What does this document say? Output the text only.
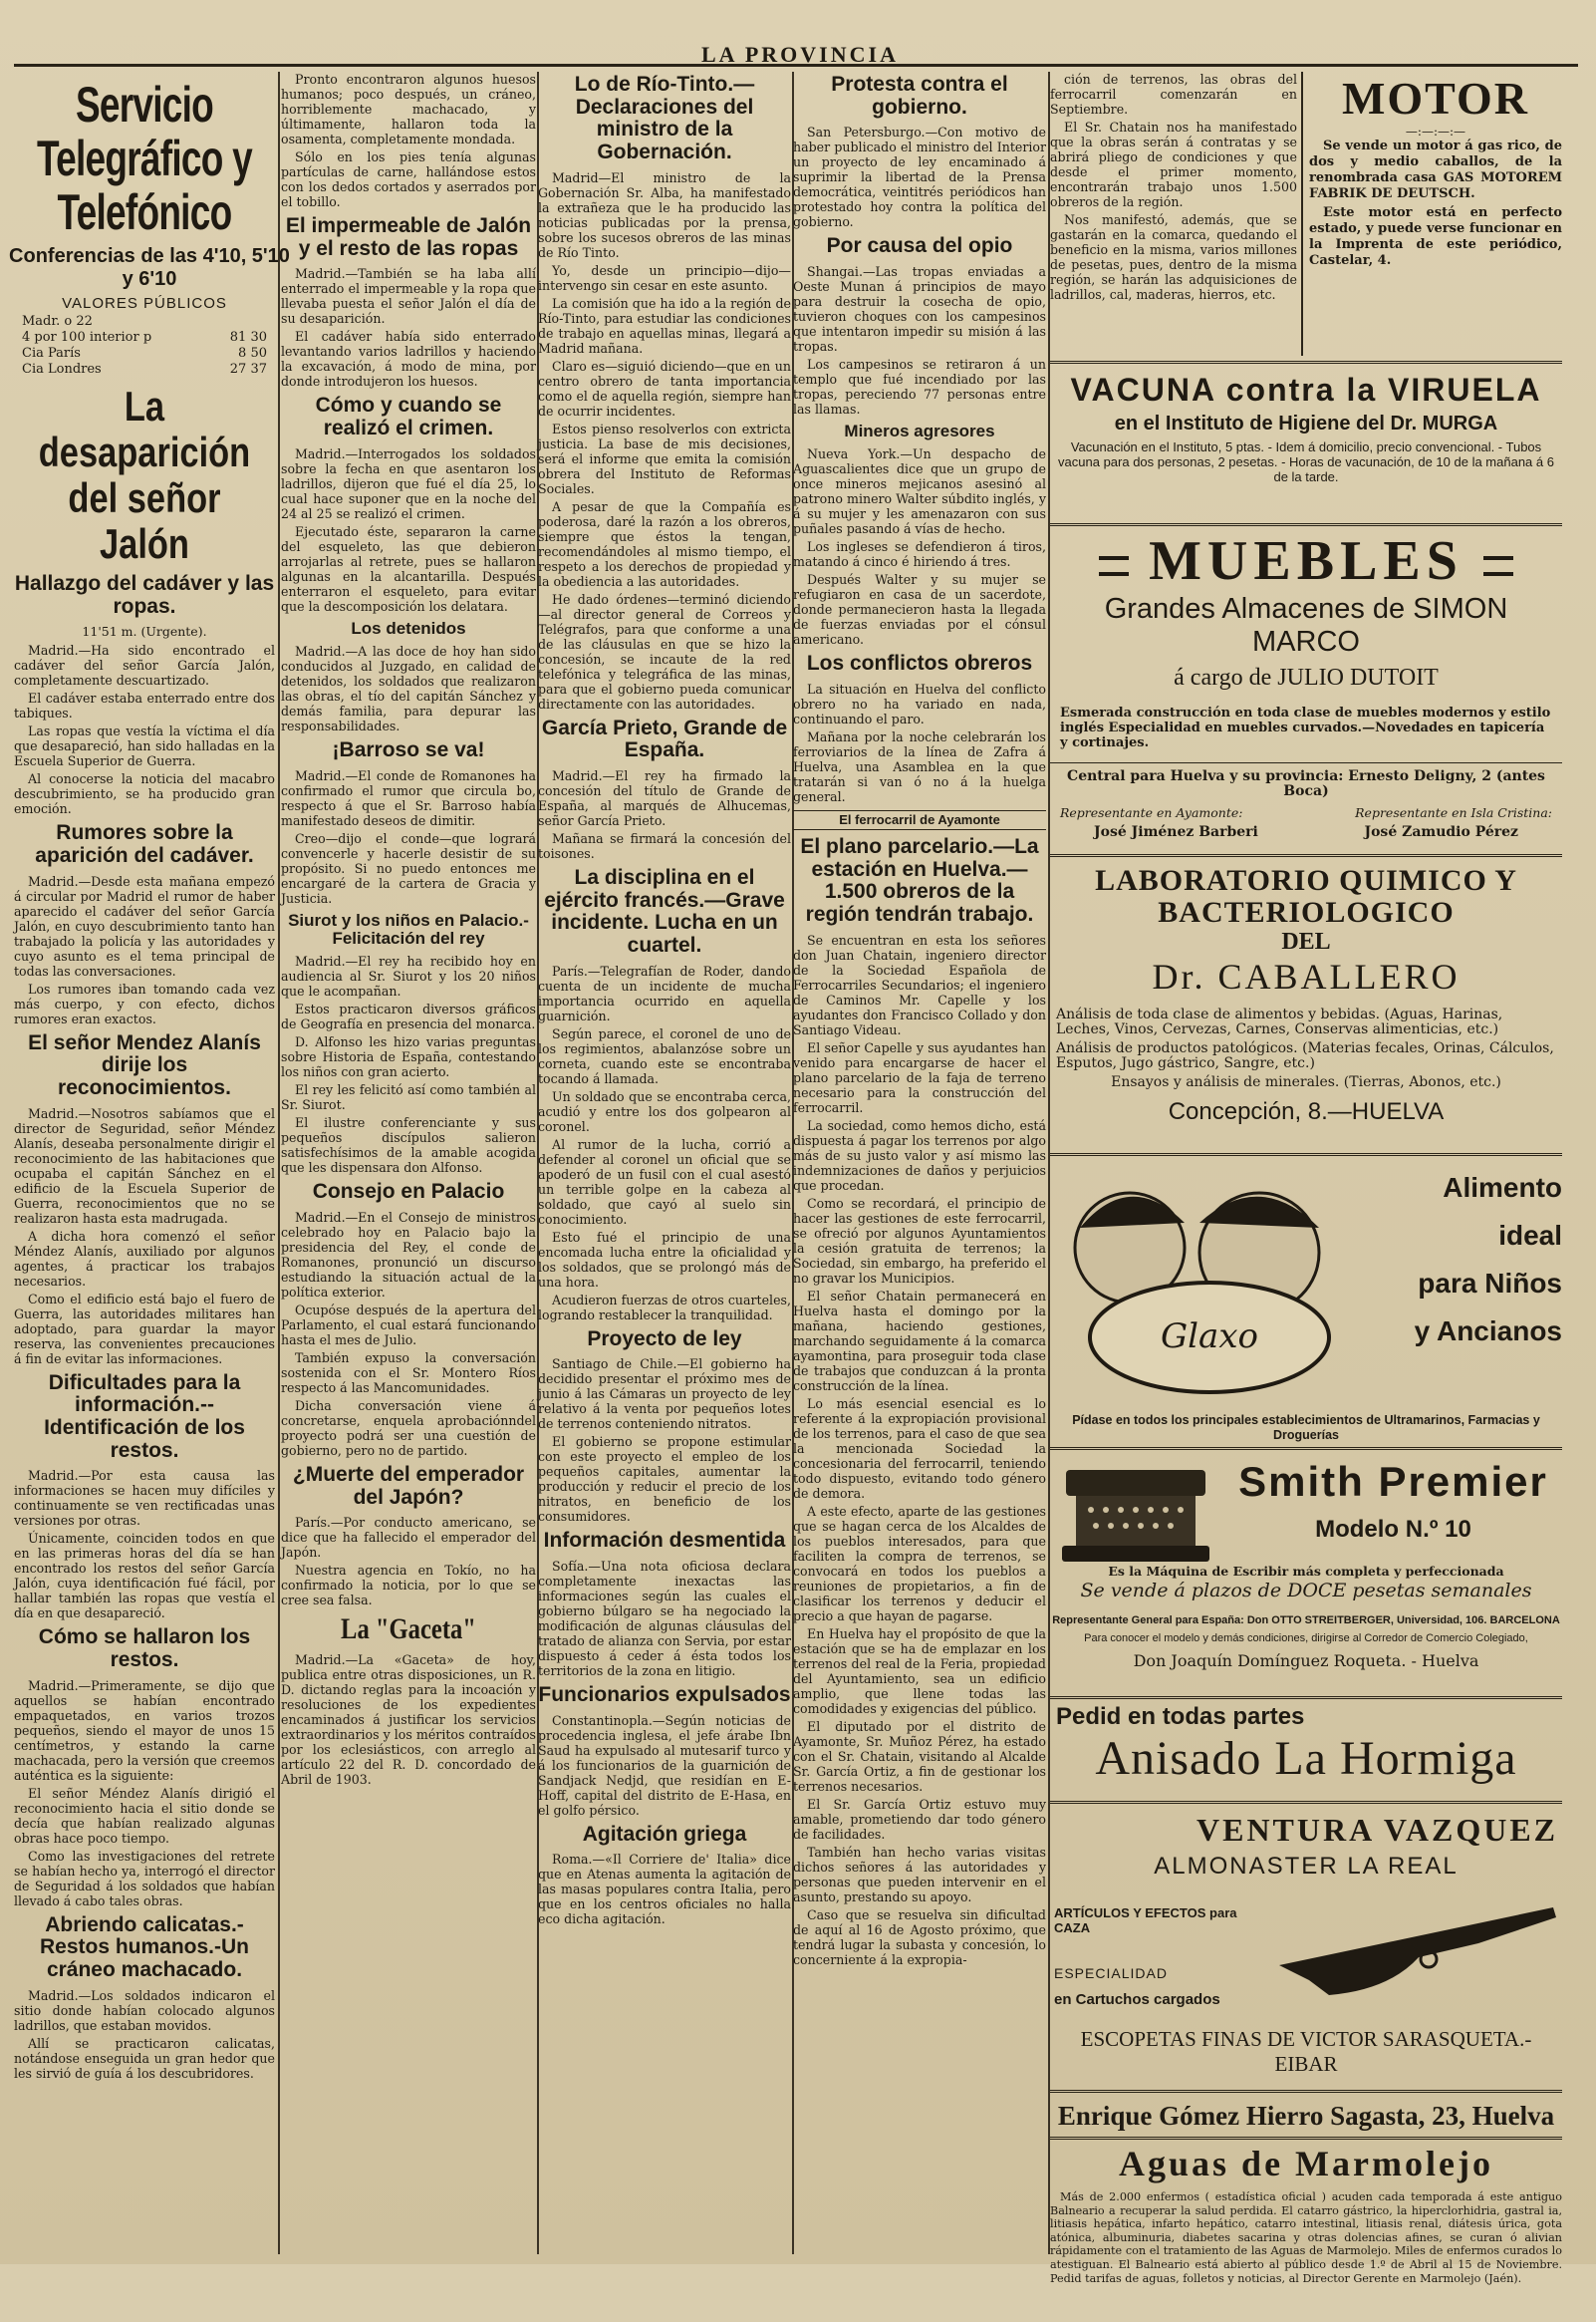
LA PROVINCIA
Servicio Telegráfico y Telefónico
Conferencias de las 4'10, 5'10 y 6'10
VALORES PÚBLICOS
Madr. o 22
4 por 100 interior p	81 30
Cia París	8 50
Cia Londres	27 37
La desaparición del señor Jalón
Hallazgo del cadáver y las ropas.
11'51 m. (Urgente).

Madrid.—Ha sido encontrado el cadáver del señor García Jalón, completamente descuartizado.

El cadáver estaba enterrado entre dos tabiques.

Las ropas que vestía la víctima el día que desapareció, han sido halladas en la Escuela Superior de Guerra.

Al conocerse la noticia del macabro descubrimiento, se ha producido gran emoción.

Rumores sobre la aparición del cadáver.

Madrid.—Desde esta mañana empezó á circular por Madrid el rumor de haber aparecido el cadáver del señor García Jalón, en cuyo descubrimiento tanto han trabajado la policía y las autoridades y cuyo asunto es el tema principal de todas las conversaciones.

Los rumores iban tomando cada vez más cuerpo, y con efecto, dichos rumores eran exactos.

El señor Mendez Alanís dirije los reconocimientos.

Madrid.—Nosotros sabíamos que el director de Seguridad, señor Méndez Alanís, deseaba personalmente dirigir el reconocimiento de las habitaciones que ocupaba el capitán Sánchez en el edificio de la Escuela Superior de Guerra, reconocimientos que no se realizaron hasta esta madrugada.

A dicha hora comenzó el señor Méndez Alanís, auxiliado por algunos agentes, á practicar los trabajos necesarios.

Como el edificio está bajo el fuero de Guerra, las autoridades militares han adoptado, para guardar la mayor reserva, las convenientes precauciones á fin de evitar las informaciones.

Dificultades para la información.--Identificación de los restos.

Madrid.—Por esta causa las informaciones se hacen muy difíciles y continuamente se ven rectificadas unas versiones por otras.

Únicamente, coinciden todos en que en las primeras horas del día se han encontrado los restos del señor García Jalón, cuya identificación fué fácil, por hallar también las ropas que vestía el día en que desapareció.

Cómo se hallaron los restos.

Madrid.—Primeramente, se dijo que aquellos se habían encontrado empaquetados, en varios trozos pequeños, siendo el mayor de unos 15 centímetros, y estando la carne machacada, pero la versión que creemos auténtica es la siguiente:

El señor Méndez Alanís dirigió el reconocimiento hacia el sitio donde se decía que habían realizado algunas obras hace poco tiempo.

Como las investigaciones del retrete se habían hecho ya, interrogó el director de Seguridad á los soldados que habían llevado á cabo tales obras.

Abriendo calicatas.-Restos humanos.-Un cráneo machacado.

Madrid.—Los soldados indicaron el sitio donde habían colocado algunos ladrillos, que estaban movidos.

Allí se practicaron calicatas, notándose enseguida un gran hedor que les sirvió de guía á los descubridores.

Pronto encontraron algunos huesos humanos; poco después, un cráneo, horriblemente machacado, y últimamente, hallaron toda la osamenta, completamente mondada.

Sólo en los pies tenía algunas partículas de carne, hallándose estos con los dedos cortados y aserrados por el tobillo.

El impermeable de Jalón y el resto de las ropas

Madrid.—También se ha laba allí enterrado el impermeable y la ropa que llevaba puesta el señor Jalón el día de su desaparición.

El cadáver había sido enterrado levantando varios ladrillos y haciendo la excavación, á modo de mina, por donde introdujeron los huesos.

Cómo y cuando se realizó el crimen.

Madrid.—Interrogados los soldados sobre la fecha en que asentaron los ladrillos, dijeron que fué el día 25, lo cual hace suponer que en la noche del 24 al 25 se realizó el crimen.

Ejecutado éste, separaron la carne del esqueleto, las que debieron arrojarlas al retrete, pues se hallaron algunas en la alcantarilla. Después enterraron el esqueleto, para evitar que la descomposición los delatara.

Los detenidos

Madrid.—A las doce de hoy han sido conducidos al Juzgado, en calidad de detenidos, los soldados que realizaron las obras, el tío del capitán Sánchez y demás familia, para depurar las responsabilidades.

¡Barroso se va!

Madrid.—El conde de Romanones ha confirmado el rumor que circula bo, respecto á que el Sr. Barroso había manifestado deseos de dimitir.

Creo—dijo el conde—que logrará convencerle y hacerle desistir de su propósito. Si no puedo entonces me encargaré de la cartera de Gracia y Justicia.

Siurot y los niños en Palacio.- Felicitación del rey

Madrid.—El rey ha recibido hoy en audiencia al Sr. Siurot y los 20 niños que le acompañan.

Estos practicaron diversos gráficos de Geografía en presencia del monarca.

D. Alfonso les hizo varias preguntas sobre Historia de España, contestando los niños con gran acierto.

El rey les felicitó así como también al Sr. Siurot.

El ilustre conferenciante y sus pequeños discípulos salieron satisfechísimos de la amable acogida que les dispensara don Alfonso.

Consejo en Palacio

Madrid.—En el Consejo de ministros celebrado hoy en Palacio bajo la presidencia del Rey, el conde de Romanones, pronunció un discurso estudiando la situación actual de la política exterior.

Ocupóse después de la apertura del Parlamento, el cual estará funcionando hasta el mes de Julio.

También expuso la conversación sostenida con el Sr. Montero Ríos respecto á las Mancomunidades.

Dicha conversación viene á concretarse, enquela aprobaciónndel proyecto podrá ser una cuestión de gobierno, pero no de partido.

¿Muerte del emperador del Japón?

París.—Por conducto americano, se dice que ha fallecido el emperador del Japón.

Nuestra agencia en Tokío, no ha confirmado la noticia, por lo que se cree sea falsa.

La "Gaceta"

Madrid.—La «Gaceta» de hoy, publica entre otras disposiciones, un R. D. dictando reglas para la incoación y resoluciones de los expedientes encaminados á justificar los servicios extraordinarios y los méritos contraídos por los eclesiásticos, con arreglo al artículo 22 del R. D. concordado de Abril de 1903.

Lo de Río-Tinto.—Declaraciones del ministro de la Gobernación.

Madrid—El ministro de la Gobernación Sr. Alba, ha manifestado la extrañeza que le ha producido las noticias publicadas por la prensa, sobre los sucesos obreros de las minas de Río Tinto.

Yo, desde un principio—dijo—intervengo sin cesar en este asunto.

La comisión que ha ido a la región de Río-Tinto, para estudiar las condiciones de trabajo en aquellas minas, llegará a Madrid mañana.

Claro es—siguió diciendo—que en un centro obrero de tanta importancia como el de aquella región, siempre han de ocurrir incidentes.

Estos pienso resolverlos con extricta justicia. La base de mis decisiones, será el informe que emita la comisión obrera del Instituto de Reformas Sociales.

A pesar de que la Compañía es poderosa, daré la razón a los obreros, siempre que éstos la tengan, recomendándoles al mismo tiempo, el respeto a los derechos de propiedad y la obediencia a las autoridades.

He dado órdenes—terminó diciendo—al director general de Correos y Telégrafos, para que conforme a una de las cláusulas en que se hizo la concesión, se incaute de la red telefónica y telegráfica de las minas, para que el gobierno pueda comunicar directamente con las autoridades.

García Prieto, Grande de España.

Madrid.—El rey ha firmado la concesión del título de Grande de España, al marqués de Alhucemas, señor García Prieto.

Mañana se firmará la concesión del toisones.

La disciplina en el ejército francés.—Grave incidente. Lucha en un cuartel.

París.—Telegrafían de Roder, dando cuenta de un incidente de mucha importancia ocurrido en aquella guarnición.

Según parece, el coronel de uno de los regimientos, abalanzóse sobre un corneta, cuando este se encontraba tocando á llamada.

Un soldado que se encontraba cerca, acudió y entre los dos golpearon al coronel.

Al rumor de la lucha, corrió a defender al coronel un oficial que se apoderó de un fusil con el cual asestó un terrible golpe en la cabeza al soldado, que cayó al suelo sin conocimiento.

Esto fué el principio de una encomada lucha entre la oficialidad y los soldados, que se prolongó más de una hora.

Acudieron fuerzas de otros cuarteles, logrando restablecer la tranquilidad.

Proyecto de ley

Santiago de Chile.—El gobierno ha decidido presentar el próximo mes de junio á las Cámaras un proyecto de ley relativo á la venta por pequeños lotes de terrenos conteniendo nitratos.

El gobierno se propone estimular con este proyecto el empleo de los pequeños capitales, aumentar la producción y reducir el precio de los nitratos, en beneficio de los consumidores.

Información desmentida

Sofía.—Una nota oficiosa declara completamente inexactas las informaciones según las cuales el gobierno búlgaro se ha negociado la modificación de algunas cláusulas del tratado de alianza con Servia, por estar dispuesto á ceder á ésta todos los territorios de la zona en litigio.

Funcionarios expulsados

Constantinopla.—Según noticias de procedencia inglesa, el jefe árabe Ibn Saud ha expulsado al mutesarif turco y á los funcionarios de la guarnición de Sandjack Nedjd, que residían en E-Hoff, capital del distrito de E-Hasa, en el golfo pérsico.

Agitación griega

Roma.—«Il Corriere de' Italia» dice que en Atenas aumenta la agitación de las masas populares contra Italia, pero que en los centros oficiales no halla eco dicha agitación.

Protesta contra el gobierno.

San Petersburgo.—Con motivo de haber publicado el ministro del Interior un proyecto de ley encaminado á suprimir la libertad de la Prensa democrática, veintitrés periódicos han protestado hoy contra la política del gobierno.

Por causa del opio

Shangai.—Las tropas enviadas a Oeste Munan á principios de mayo para destruir la cosecha de opio, tuvieron choques con los campesinos que intentaron impedir su misión á las tropas.

Los campesinos se retiraron á un templo que fué incendiado por las tropas, pereciendo 77 personas entre las llamas.

Mineros agresores

Nueva York.—Un despacho de Aguascalientes dice que un grupo de once mineros mejicanos asesinó al patrono minero Walter súbdito inglés, y á su mujer y les amenazaron con sus puñales pasando á vías de hecho.

Los ingleses se defendieron á tiros, matando á cinco é hiriendo á tres.

Después Walter y su mujer se refugiaron en casa de un sacerdote, donde permanecieron hasta la llegada de fuerzas enviadas por el cónsul americano.

Los conflictos obreros

La situación en Huelva del conflicto obrero no ha variado en nada, continuando el paro.

Mañana por la noche celebrarán los ferroviarios de la línea de Zafra á Huelva, una Asamblea en la que tratarán si van ó no á la huelga general.

El ferrocarril de Ayamonte
El plano parcelario.—La estación en Huelva.—1.500 obreros de la región tendrán trabajo.

Se encuentran en esta los señores don Juan Chatain, ingeniero director de la Sociedad Española de Ferrocarriles Secundarios; el ingeniero de Caminos Mr. Capelle y los ayudantes don Francisco Collado y don Santiago Videau.

El señor Capelle y sus ayudantes han venido para encargarse de hacer el plano parcelario de la faja de terreno necesario para la construcción del ferrocarril.

La sociedad, como hemos dicho, está dispuesta á pagar los terrenos por algo más de su justo valor y así mismo las indemnizaciones de daños y perjuicios que procedan.

Como se recordará, el principio de hacer las gestiones de este ferrocarril, se ofreció por algunos Ayuntamientos la cesión gratuita de terrenos; la Sociedad, sin embargo, ha preferido el no gravar los Municipios.

El señor Chatain permanecerá en Huelva hasta el domingo por la mañana, haciendo gestiones, marchando seguidamente á la comarca ayamontina, para proseguir toda clase de trabajos que conduzcan á la pronta construcción de la línea.

Lo más esencial esencial es lo referente á la expropiación provisional de los terrenos, para el caso de que sea la mencionada Sociedad la concesionaria del ferrocarril, teniendo todo dispuesto, evitando todo género de demora.

A este efecto, aparte de las gestiones que se hagan cerca de los Alcaldes de los pueblos interesados, para que faciliten la compra de terrenos, se convocará en todos los pueblos a reuniones de propietarios, a fin de clasificar los terrenos y deducir el precio a que hayan de pagarse.

En Huelva hay el propósito de que la estación que se ha de emplazar en los terrenos del real de la Feria, propiedad del Ayuntamiento, sea un edificio amplio, que llene todas las comodidades y exigencias del público.

El diputado por el distrito de Ayamonte, Sr. Muñoz Pérez, ha estado con el Sr. Chatain, visitando al Alcalde Sr. García Ortiz, a fin de gestionar los terrenos necesarios.

El Sr. García Ortiz estuvo muy amable, prometiendo dar todo género de facilidades.

También han hecho varias visitas dichos señores á las autoridades y personas que pueden intervenir en el asunto, prestando su apoyo.

Caso que se resuelva sin dificultad de aquí al 16 de Agosto próximo, que tendrá lugar la subasta y concesión, lo concerniente á la expropia-

ción de terrenos, las obras del ferrocarril comenzarán en Septiembre.

El Sr. Chatain nos ha manifestado que la obras serán á contratas y se abrirá pliego de condiciones y que desde el primer momento, encontrarán trabajo unos 1.500 obreros de la región.

Nos manifestó, además, que se gastarán en la comarca, quedando el beneficio en la misma, varios millones de pesetas, pues, dentro de la misma región, se harán las adquisiciones de ladrillos, cal, maderas, hierros, etc.

MOTOR
—:—:—:—

Se vende un motor á gas rico, de dos y medio caballos, de la renombrada casa GAS MOTOREM FABRIK DE DEUTSCH.

Este motor está en perfecto estado, y puede verse funcionar en la Imprenta de este periódico, Castelar, 4.

VACUNA contra la VIRUELA
en el Instituto de Higiene del Dr. MURGA
Vacunación en el Instituto, 5 ptas. - Idem á domicilio, precio convencional. - Tubos vacuna para dos personas, 2 pesetas. - Horas de vacunación, de 10 de la mañana á 6 de la tarde.
MUEBLES
Grandes Almacenes de SIMON MARCO
á cargo de JULIO DUTOIT
Esmerada construcción en toda clase de muebles modernos y estilo inglés Especialidad en muebles curvados.—Novedades en tapicería y cortinajes.
Central para Huelva y su provincia: Ernesto Deligny, 2 (antes Boca)
Representante en Ayamonte:	Representante en Isla Cristina:
José Jiménez Barberi	José Zamudio Pérez
LABORATORIO QUIMICO Y BACTERIOLOGICO
DEL
Dr. CABALLERO
Análisis de toda clase de alimentos y bebidas. (Aguas, Harinas, Leches, Vinos, Cervezas, Carnes, Conservas alimenticias, etc.)
Análisis de productos patológicos. (Materias fecales, Orinas, Cálculos, Esputos, Jugo gástrico, Sangre, etc.)
Ensayos y análisis de minerales. (Tierras, Abonos, etc.)
Concepción, 8.—HUELVA
Glaxo
Alimento
ideal
para Niños
y Ancianos
Pídase en todos los principales establecimientos de Ultramarinos, Farmacias y Droguerías
Smith Premier
Modelo N.º 10
Es la Máquina de Escribir más completa y perfeccionada
Se vende á plazos de DOCE pesetas semanales
Representante General para España: Don OTTO STREITBERGER, Universidad, 106. BARCELONA
Para conocer el modelo y demás condiciones, dirigirse al Corredor de Comercio Colegiado,
Don Joaquín Domínguez Roqueta. - Huelva
Pedid en todas partes
Anisado La Hormiga
VENTURA VAZQUEZ
ALMONASTER LA REAL
ARTÍCULOS Y EFECTOS para CAZA
ESPECIALIDAD
en Cartuchos cargados
ESCOPETAS FINAS DE VICTOR SARASQUETA.-EIBAR
Enrique Gómez Hierro Sagasta, 23, Huelva
Aguas de Marmolejo

Más de 2.000 enfermos ( estadística oficial ) acuden cada temporada á este antiguo Balneario a recuperar la salud perdida. El catarro gástrico, la hiperclorhidria, gastral ia, litiasis hepática, infarto hepático, catarro intestinal, litiasis renal, diátesis úrica, gota atónica, albuminuria, diabetes sacarina y otras dolencias afines, se curan ó alivian rápidamente con el tratamiento de las Aguas de Marmolejo. Miles de enfermos curados lo atestiguan. El Balneario está abierto al público desde 1.º de Abril al 15 de Noviembre. Pedid tarifas de aguas, folletos y noticias, al Director Gerente en Marmolejo (Jaén).
